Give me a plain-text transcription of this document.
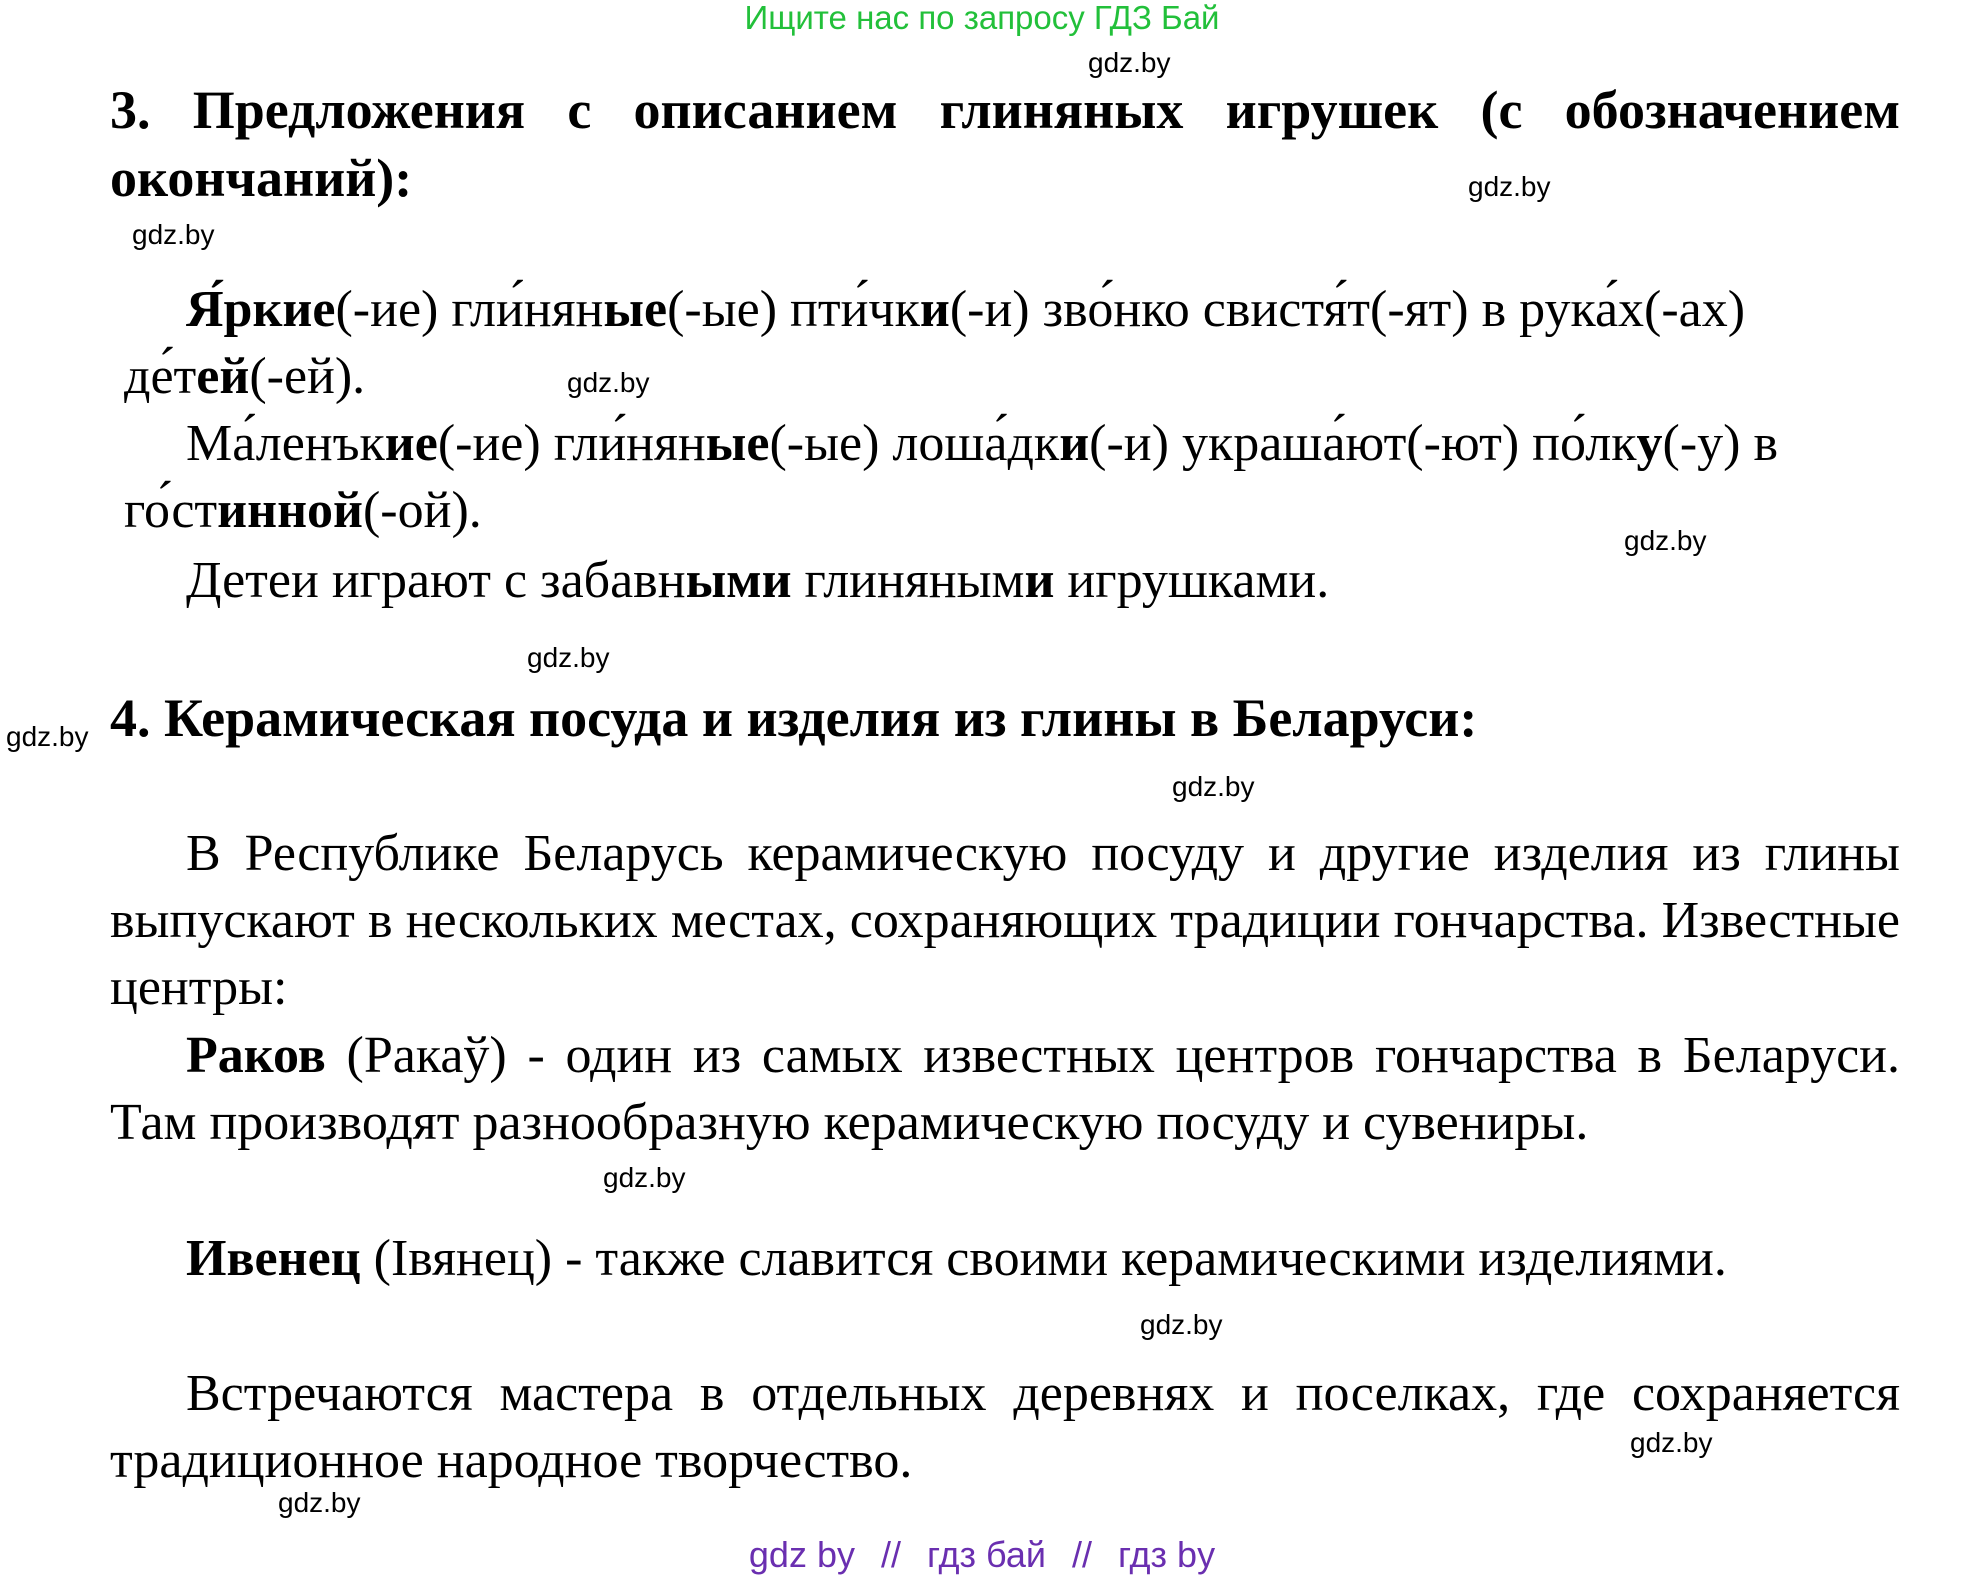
Ищите нас по запросу ГДЗ Бай
gdz.by
gdz.by
gdz.by
gdz.by
gdz.by
gdz.by
gdz.by
gdz.by
gdz.by
gdz.by
gdz.by
gdz.by
3. Предложения с описанием глиняных игрушек (с обозначением
окончаний):
Я́ркие(-ие) гли́няные(-ые) пти́чки(-и) зво́нко свистя́т(-ят) в рука́х(-ах) де́тей(-ей).
Ма́ленъкие(-ие) гли́няные(-ые) лоша́дки(-и) украша́ют(-ют) по́лку(-у) в го́стинной(-ой).
Детеи играют с забавными глиняными игрушками.
4. Керамическая посуда и изделия из глины в Беларуси:
В Республике Беларусь керамическую посуду и другие изделия из глины выпускают в нескольких местах, сохраняющих традиции гончарства. Известные центры:
Раков (Ракаў) - один из самых известных центров гончарства в Беларуси. Там производят разнообразную керамическую посуду и сувениры.
Ивенец (Івянец) - также славится своими керамическими изделиями.
Встречаются мастера в отдельных деревнях и поселках, где сохраняется традиционное народное творчество.
gdz by // гдз бай // гдз by
